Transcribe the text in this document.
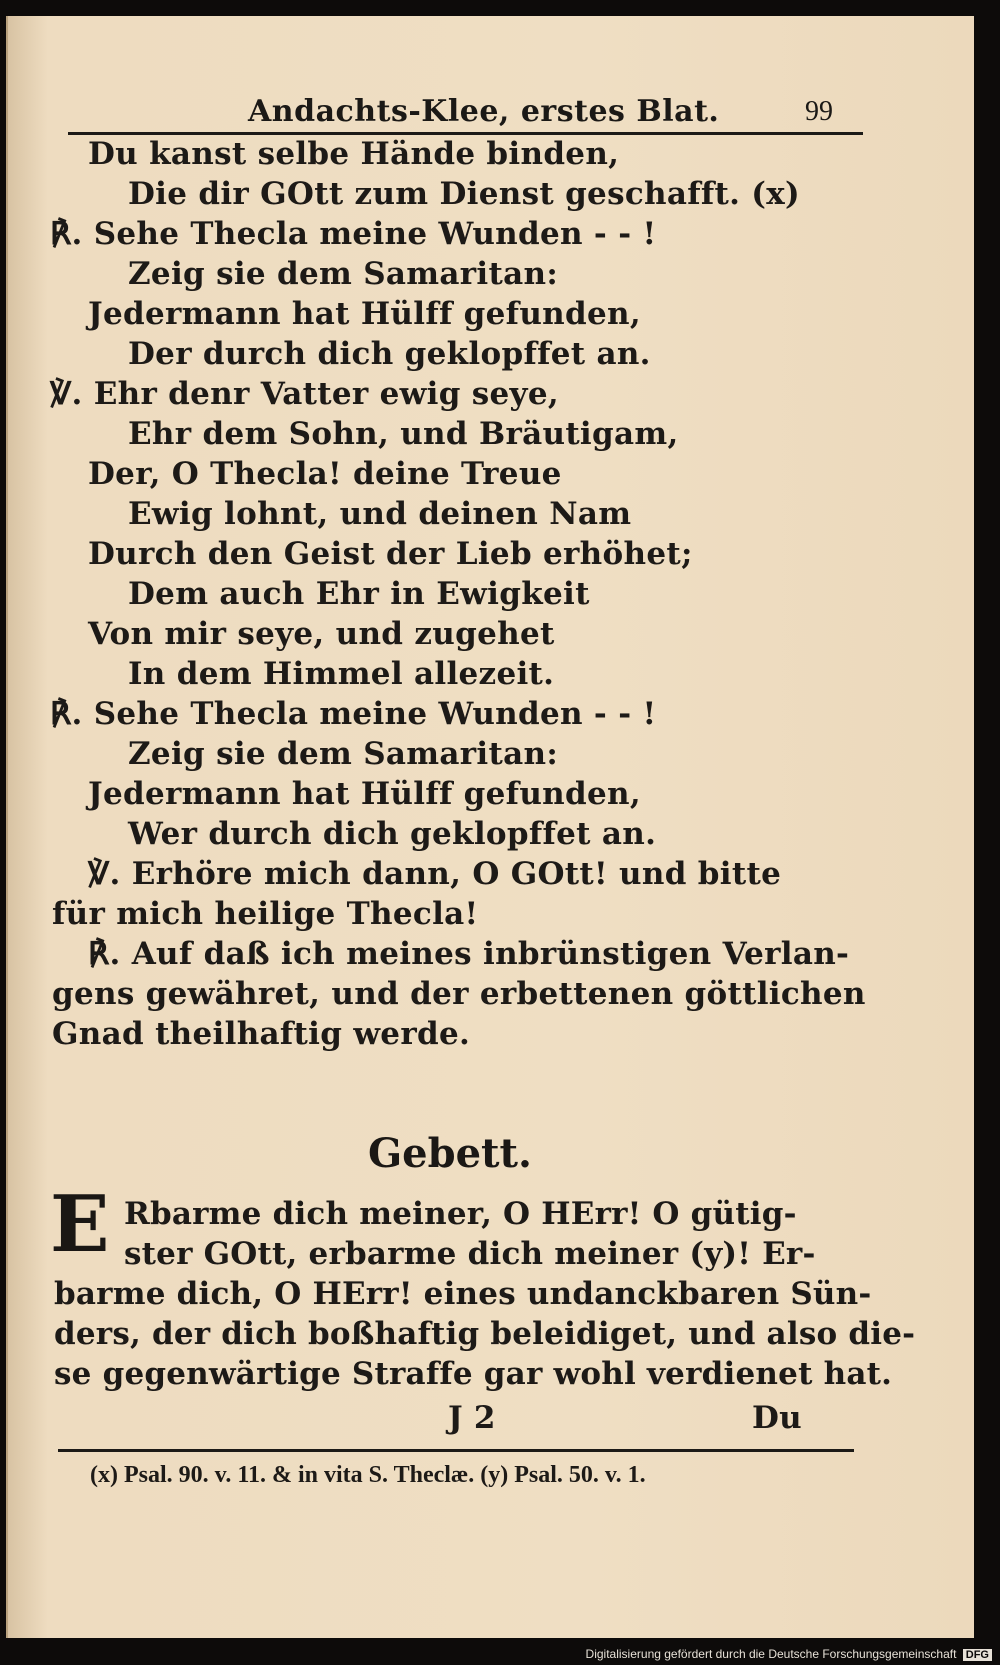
Andachts-Klee, erstes Blat.	99
Du kanst selbe Hände binden,
Die dir GOtt zum Dienst geschafft. (x)
℟. Sehe Thecla meine Wunden - - !
Zeig sie dem Samaritan:
Jedermann hat Hülff gefunden,
Der durch dich geklopffet an.
℣. Ehr denr Vatter ewig seye,
Ehr dem Sohn, und Bräutigam,
Der, O Thecla! deine Treue
Ewig lohnt, und deinen Nam
Durch den Geist der Lieb erhöhet;
Dem auch Ehr in Ewigkeit
Von mir seye, und zugehet
In dem Himmel allezeit.
℟. Sehe Thecla meine Wunden - - !
Zeig sie dem Samaritan:
Jedermann hat Hülff gefunden,
Wer durch dich geklopffet an.
℣. Erhöre mich dann, O GOtt! und bitte
für mich heilige Thecla!
℟. Auf daß ich meines inbrünstigen Verlan-
gens gewähret, und der erbettenen göttlichen
Gnad theilhaftig werde.
Gebett.
E Rbarme dich meiner, O HErr! O gütig-
ster GOtt, erbarme dich meiner (y)! Er-
barme dich, O HErr! eines undanckbaren Sün-
ders, der dich boßhaftig beleidiget, und also die-
se gegenwärtige Straffe gar wohl verdienet hat.
J 2	Du
(x) Psal. 90. v. 11. & in vita S. Theclæ. (y) Psal. 50. v. 1.
Digitalisierung gefördert durch die Deutsche Forschungsgemeinschaft DFG
